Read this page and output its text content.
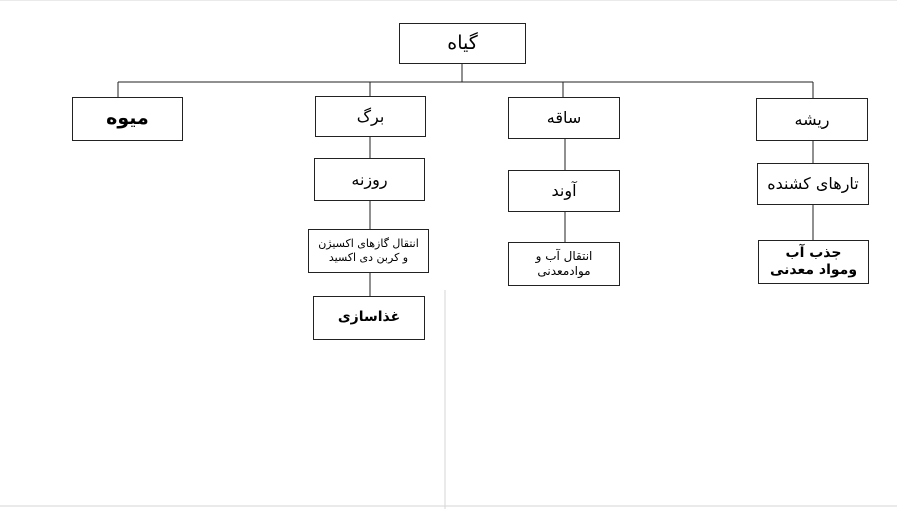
گیاه
میوه	برگ
روزنه
انتقال گازهای اکسیژن و کربن دی اکسید
غذاسازی
ساقه
آوند
انتقال آب و موادمعدنی
ریشه
تارهای کشنده
جذب آب ومواد معدنی
